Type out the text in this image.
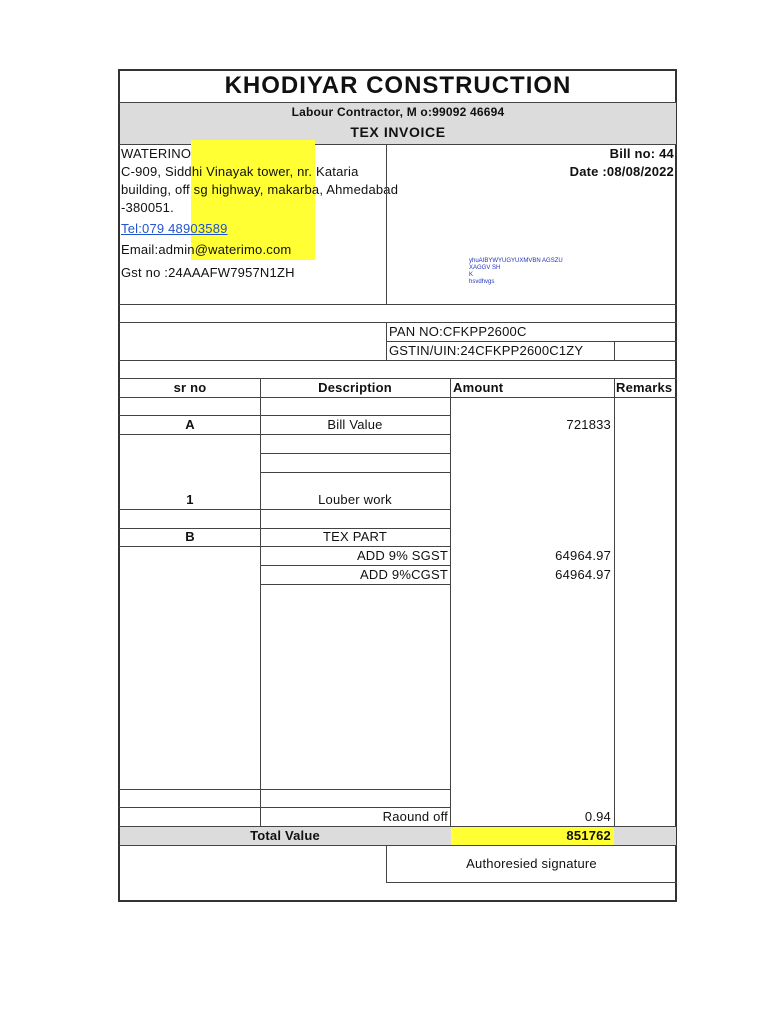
KHODIYAR CONSTRUCTION
Labour Contractor, M o:99092 46694
TEX INVOICE
WATERINO
C-909, Siddhi Vinayak tower, nr. Kataria
building, off sg highway, makarba, Ahmedabad
-380051.
Tel:079 48903589
Email:admin@waterimo.com
Gst no :24AAAFW7957N1ZH
Bill no: 44
Date :08/08/2022
yhuAIBYWYUGYUXMVBN AGSZU
XAGGV SH
K
hsvdhvgs
PAN NO:CFKPP2600C
GSTIN/UIN:24CFKPP2600C1ZY
sr no	Description	Amount	Remarks
A	Bill Value	721833
1	Louber work
B	TEX PART
ADD 9% SGST	64964.97
ADD 9%CGST	64964.97
Raound off	0.94
Total Value	851762
Authoresied signature
